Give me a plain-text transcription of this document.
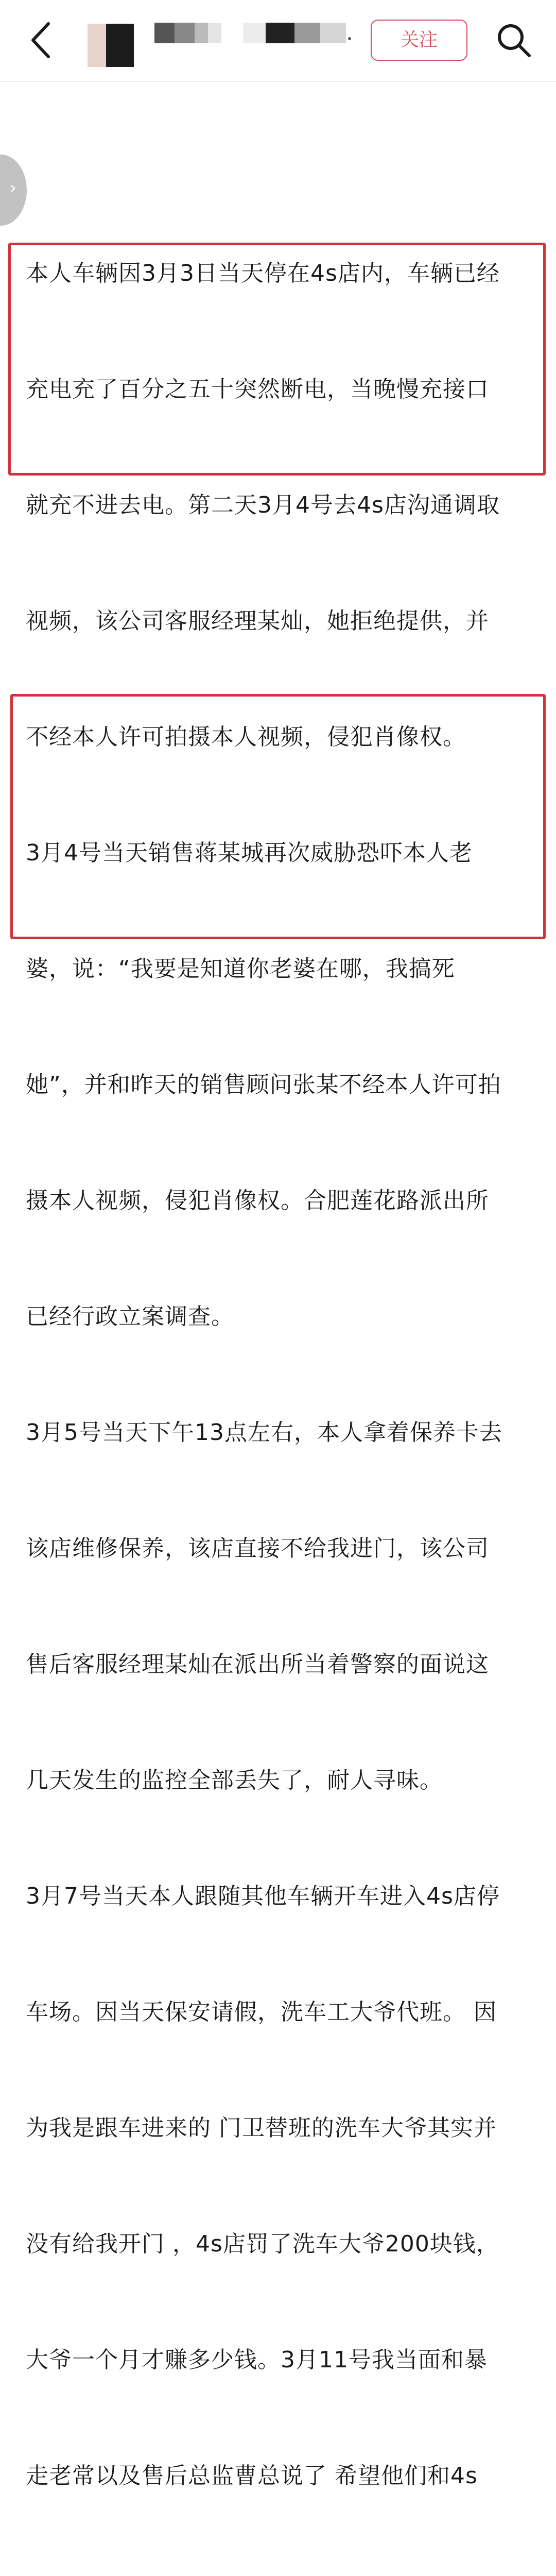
关注
›

本人车辆因3月3日当天停在4s店内，车辆已经

充电充了百分之五十突然断电，当晚慢充接口

就充不进去电。第二天3月4号去4s店沟通调取

视频，该公司客服经理某灿，她拒绝提供，并

不经本人许可拍摄本人视频，侵犯肖像权。

3月4号当天销售蒋某城再次威胁恐吓本人老

婆，说：“我要是知道你老婆在哪，我搞死

她”，并和昨天的销售顾问张某不经本人许可拍

摄本人视频，侵犯肖像权。合肥莲花路派出所

已经行政立案调查。

3月5号当天下午13点左右，本人拿着保养卡去

该店维修保养，该店直接不给我进门，该公司

售后客服经理某灿在派出所当着警察的面说这

几天发生的监控全部丢失了，耐人寻味。

3月7号当天本人跟随其他车辆开车进入4s店停

车场。因当天保安请假，洗车工大爷代班。 因

为我是跟车进来的 门卫替班的洗车大爷其实并

没有给我开门 ，4s店罚了洗车大爷200块钱，

大爷一个月才赚多少钱。3月11号我当面和暴

走老常以及售后总监曹总说了 希望他们和4s
